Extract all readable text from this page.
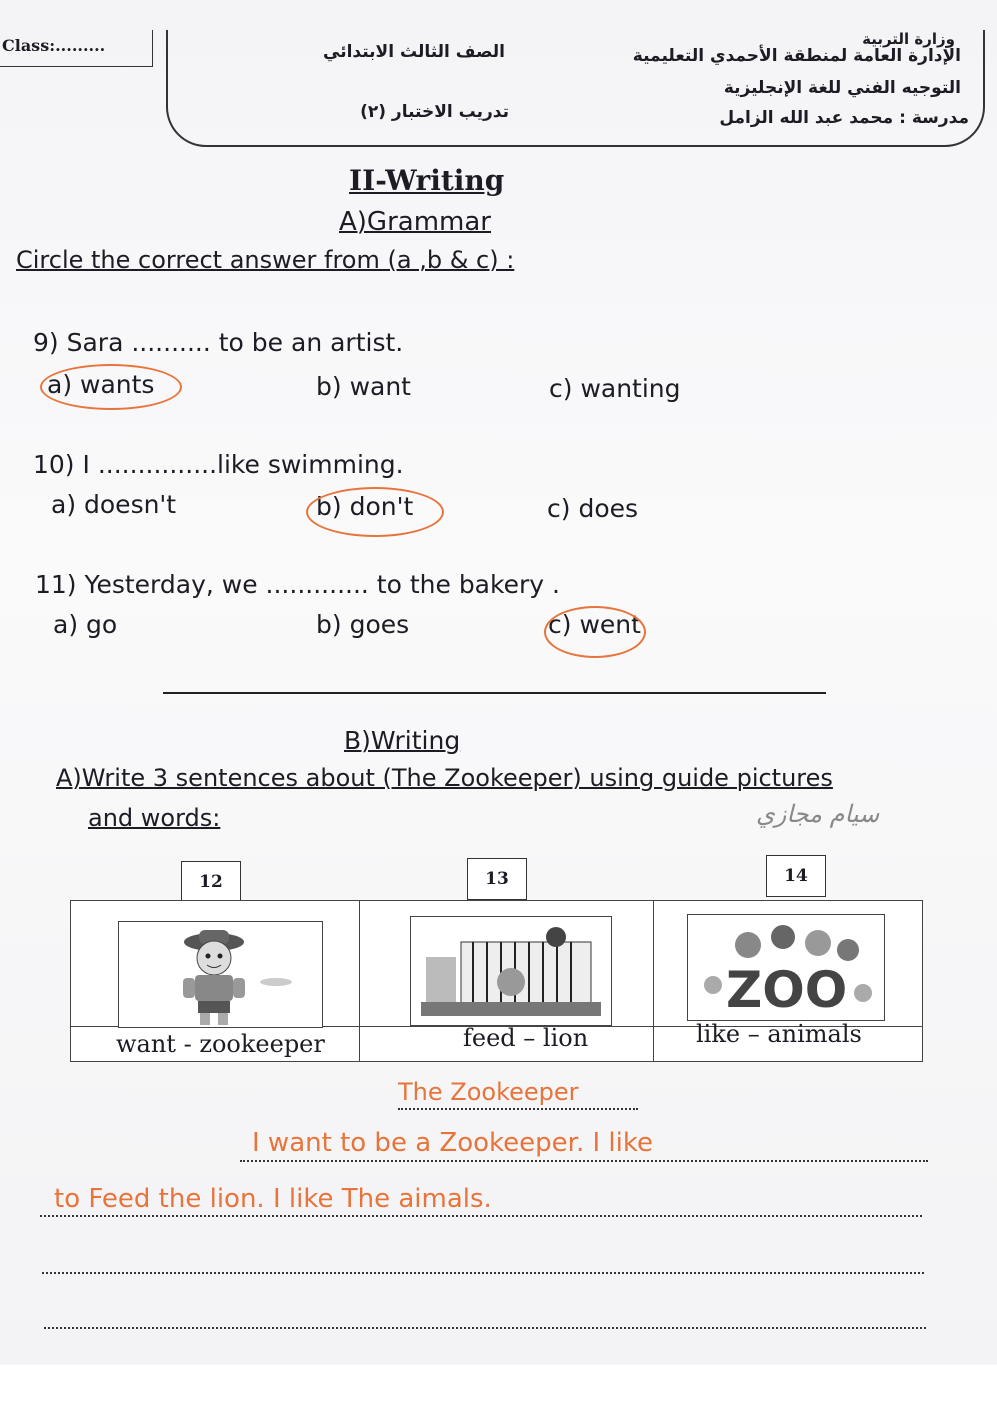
Class:.........	وزارة التربية
الإدارة العامة لمنطقة الأحمدي التعليمية
التوجيه الفني للغة الإنجليزية
مدرسة : محمد عبد الله الزامل
الصف الثالث الابتدائي
تدريب الاختبار (٢)
II-Writing
A)Grammar
Circle the correct answer from (a ,b & c) :
9) Sara .......... to be an artist.
a) wants	b) want	c) wanting
10) I ...............like swimming.
a) doesn't	b) don't	c) does
11) Yesterday, we ............. to the bakery .
a) go	b) goes	c) went
B)Writing
A)Write 3 sentences about (The Zookeeper) using guide pictures
and words:	سيام مجازي
12	13	14
ZOO
want - zookeeper	feed – lion	like – animals
The Zookeeper
I want to be a Zookeeper. I like
to Feed the lion. I like The aimals.
